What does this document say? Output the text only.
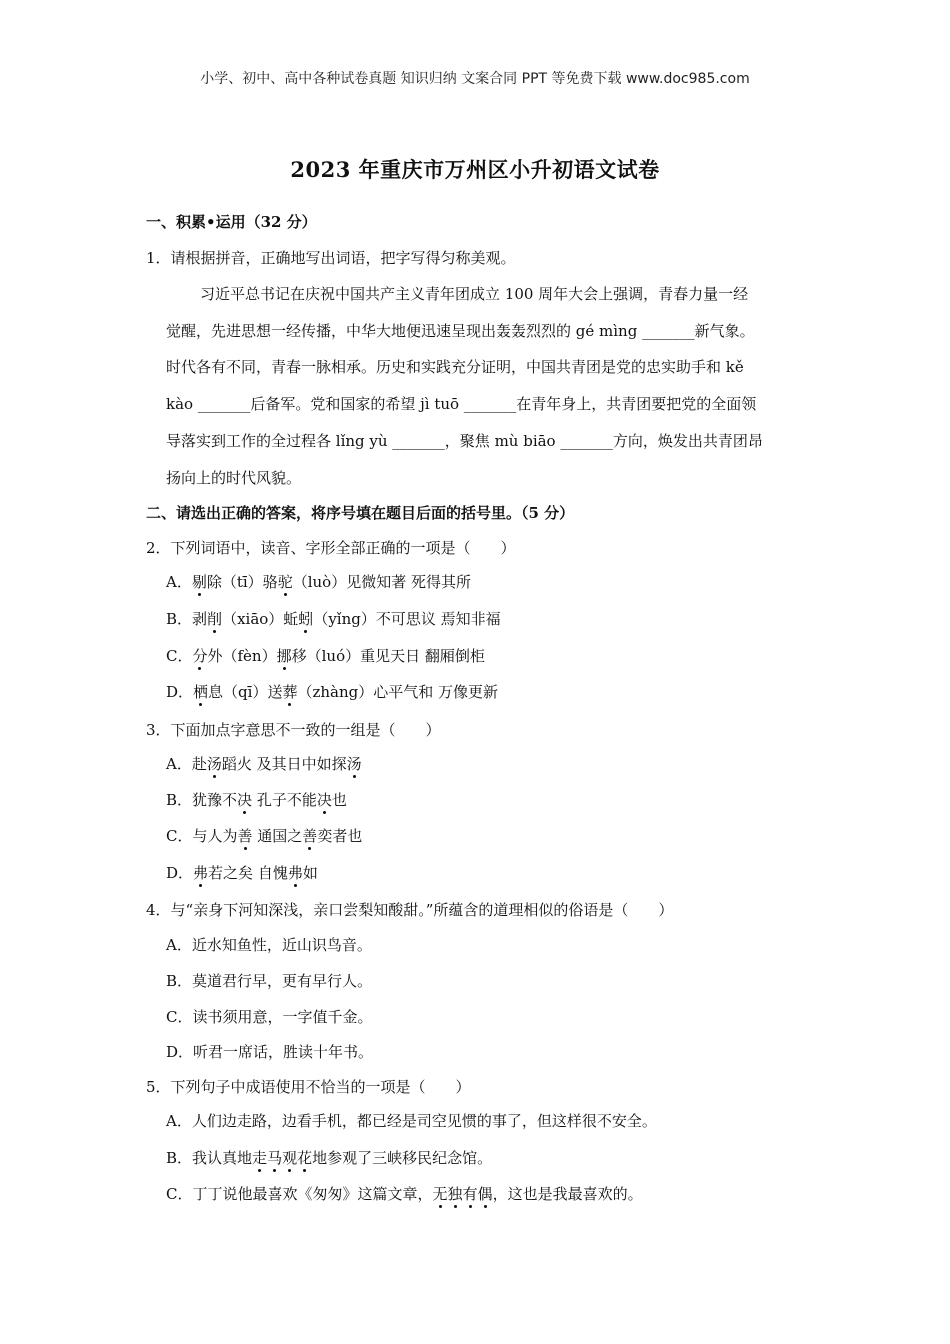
小学、初中、高中各种试卷真题 知识归纳 文案合同 PPT 等免费下载 www.doc985.com
2023 年重庆市万州区小升初语文试卷
一、积累•运用（32 分）
1．请根据拼音，正确地写出词语，把字写得匀称美观。
习近平总书记在庆祝中国共产主义青年团成立 100 周年大会上强调，青春力量一经
觉醒，先进思想一经传播，中华大地便迅速呈现出轰轰烈烈的 gé mìng _______新气象。
时代各有不同，青春一脉相承。历史和实践充分证明，中国共青团是党的忠实助手和 kě
kào _______后备军。党和国家的希望 jì tuō _______在青年身上，共青团要把党的全面领
导落实到工作的全过程各 lǐng yù _______，聚焦 mù biāo _______方向，焕发出共青团昂
扬向上的时代风貌。
二、请选出正确的答案，将序号填在题目后面的括号里。（5 分）
2．下列词语中，读音、字形全部正确的一项是（　　）
A．剔除（tī）骆驼（luò）见微知著 死得其所
B．剥削（xiāo）蚯蚓（yǐng）不可思议 焉知非福
C．分外（fèn）挪移（luó）重见天日 翻厢倒柜
D．栖息（qī）送葬（zhàng）心平气和 万像更新
3．下面加点字意思不一致的一组是（　　）
A．赴汤蹈火 及其日中如探汤
B．犹豫不决 孔子不能决也
C．与人为善 通国之善奕者也
D．弗若之矣 自愧弗如
4．与“亲身下河知深浅，亲口尝梨知酸甜。”所蕴含的道理相似的俗语是（　　）
A．近水知鱼性，近山识鸟音。
B．莫道君行早，更有早行人。
C．读书须用意，一字值千金。
D．听君一席话，胜读十年书。
5．下列句子中成语使用不恰当的一项是（　　）
A．人们边走路，边看手机，都已经是司空见惯的事了，但这样很不安全。
B．我认真地走马观花地参观了三峡移民纪念馆。
C．丁丁说他最喜欢《匆匆》这篇文章，无独有偶，这也是我最喜欢的。
